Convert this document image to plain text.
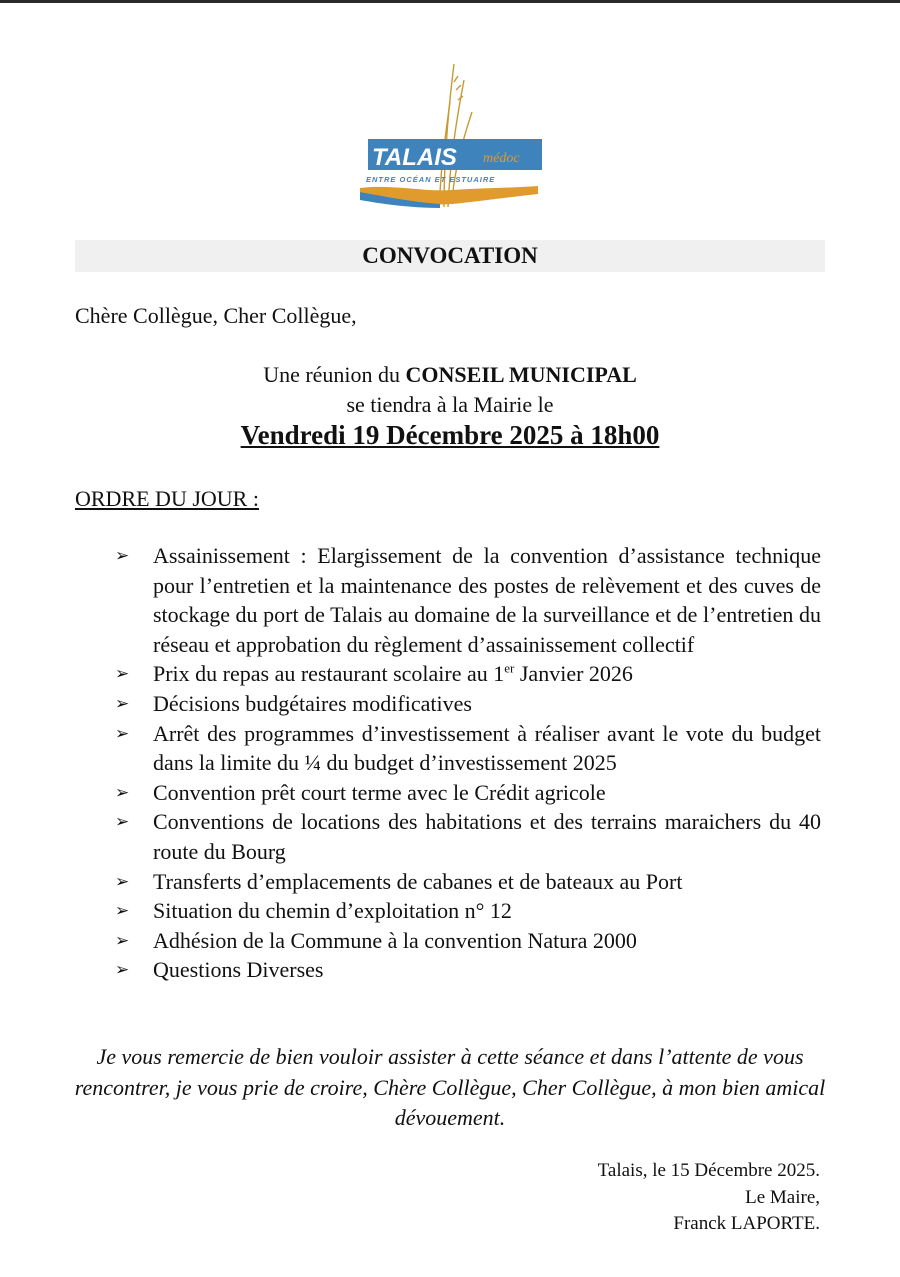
TALAIS médoc
ENTRE OCÉAN ET ESTUAIRE
CONVOCATION
Chère Collègue, Cher Collègue,
Une réunion du CONSEIL MUNICIPAL
se tiendra à la Mairie le
Vendredi 19 Décembre 2025 à 18h00
ORDRE DU JOUR :
➢	Assainissement : Elargissement de la convention d’assistance technique pour l’entretien et la maintenance des postes de relèvement et des cuves de stockage du port de Talais au domaine de la surveillance et de l’entretien du réseau et approbation du règlement d’assainissement collectif
➢	Prix du repas au restaurant scolaire au 1er Janvier 2026
➢	Décisions budgétaires modificatives
➢	Arrêt des programmes d’investissement à réaliser avant le vote du budget dans la limite du ¼ du budget d’investissement 2025
➢	Convention prêt court terme avec le Crédit agricole
➢	Conventions de locations des habitations et des terrains maraichers du 40 route du Bourg
➢	Transferts d’emplacements de cabanes et de bateaux au Port
➢	Situation du chemin d’exploitation n° 12
➢	Adhésion de la Commune à la convention Natura 2000
➢	Questions Diverses
Je vous remercie de bien vouloir assister à cette séance et dans l’attente de vous rencontrer, je vous prie de croire, Chère Collègue, Cher Collègue, à mon bien amical dévouement.
Talais, le 15 Décembre 2025.
Le Maire,
Franck LAPORTE.
